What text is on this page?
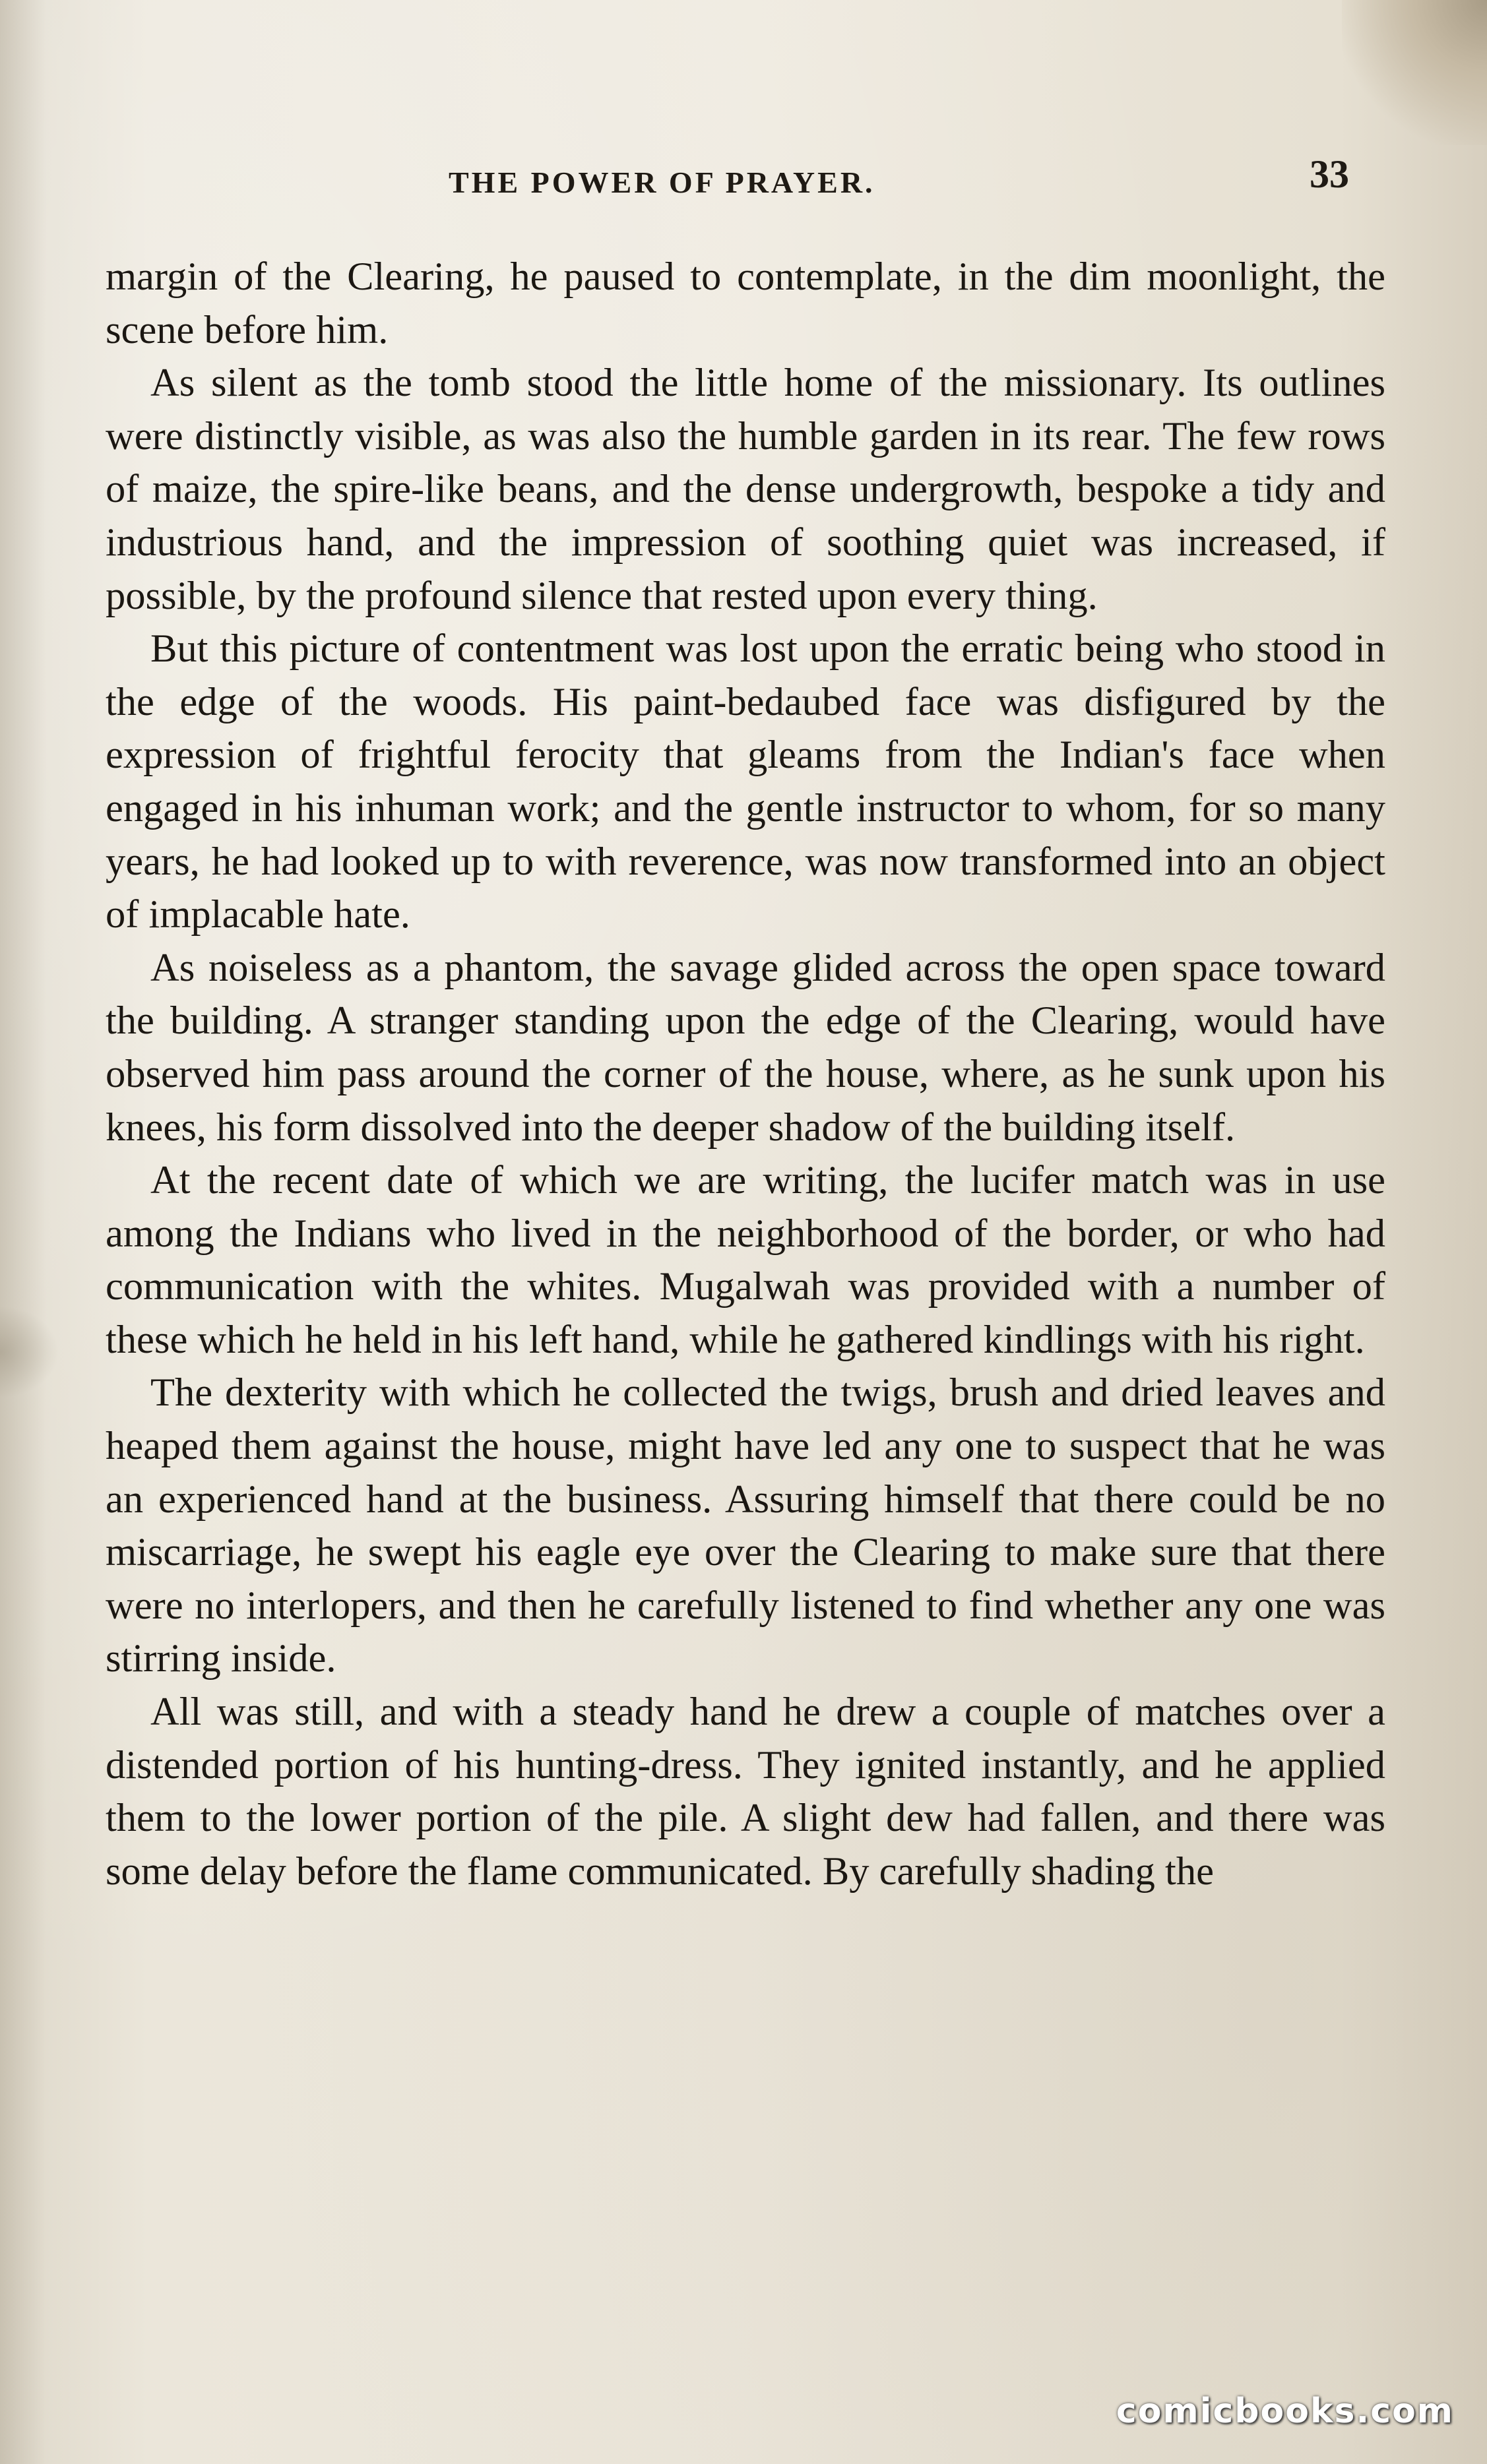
THE POWER OF PRAYER.	33

margin of the Clearing, he paused to contemplate, in the dim moonlight, the scene before him.

As silent as the tomb stood the little home of the missionary. Its outlines were distinctly visible, as was also the humble garden in its rear. The few rows of maize, the spire-like beans, and the dense undergrowth, bespoke a tidy and industrious hand, and the impression of soothing quiet was increased, if possible, by the profound silence that rested upon every thing.

But this picture of contentment was lost upon the erratic being who stood in the edge of the woods. His paint-bedaubed face was disfigured by the expression of frightful ferocity that gleams from the Indian's face when engaged in his inhuman work; and the gentle instructor to whom, for so many years, he had looked up to with reverence, was now transformed into an object of implacable hate.

As noiseless as a phantom, the savage glided across the open space toward the building. A stranger standing upon the edge of the Clearing, would have observed him pass around the corner of the house, where, as he sunk upon his knees, his form dissolved into the deeper shadow of the building itself.

At the recent date of which we are writing, the lucifer match was in use among the Indians who lived in the neighborhood of the border, or who had communication with the whites. Mugalwah was provided with a number of these which he held in his left hand, while he gathered kindlings with his right.

The dexterity with which he collected the twigs, brush and dried leaves and heaped them against the house, might have led any one to suspect that he was an experienced hand at the business. Assuring himself that there could be no miscarriage, he swept his eagle eye over the Clearing to make sure that there were no interlopers, and then he carefully listened to find whether any one was stirring inside.

All was still, and with a steady hand he drew a couple of matches over a distended portion of his hunting-dress. They ignited instantly, and he applied them to the lower portion of the pile. A slight dew had fallen, and there was some delay before the flame communicated. By carefully shading the

comicbooks.com
